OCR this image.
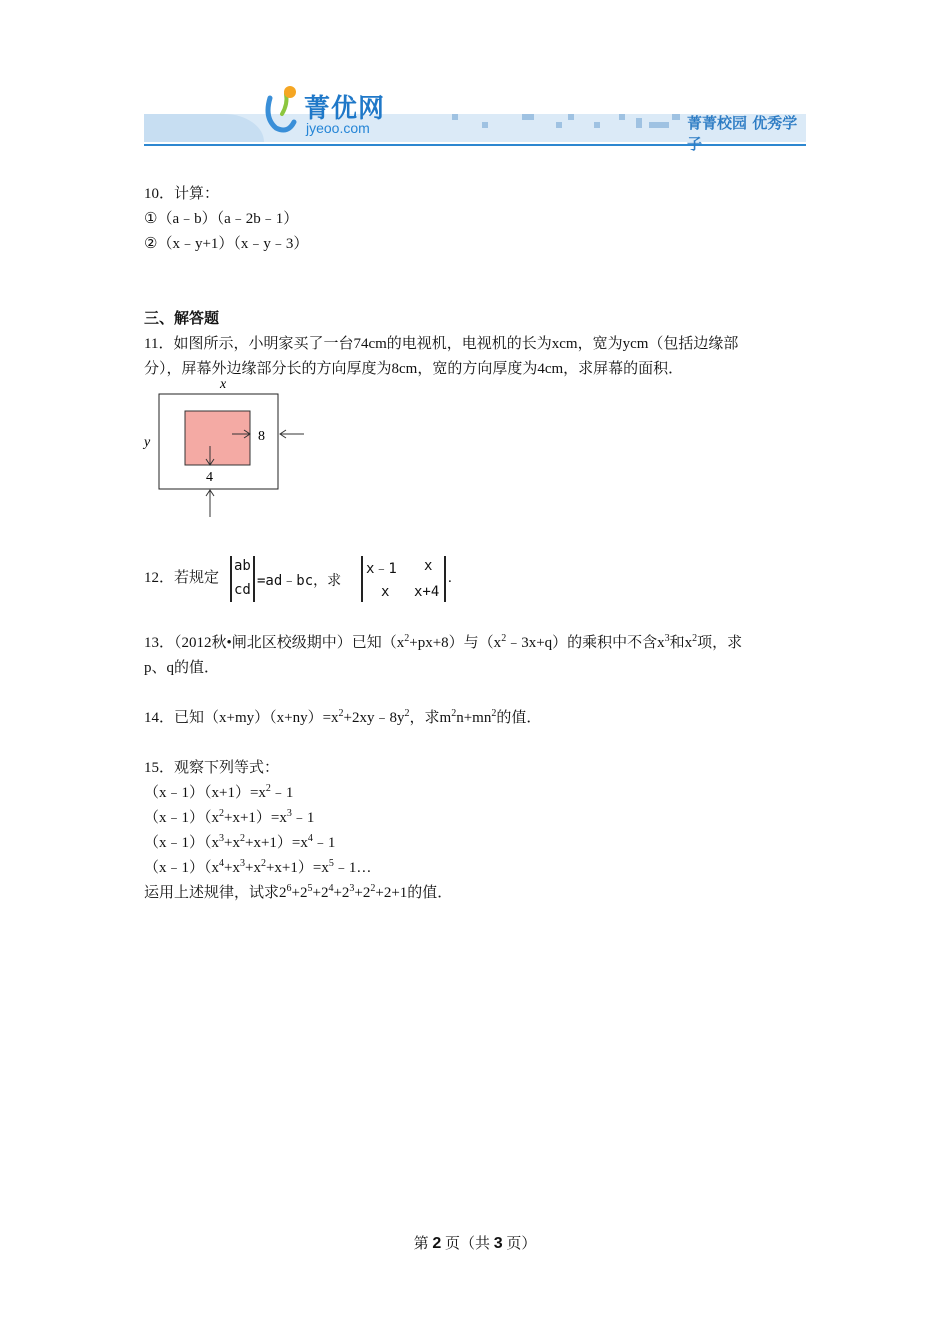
菁优网
jyeoo.com	菁菁校园 优秀学子
10．计算：
①（a﹣b）（a﹣2b﹣1）
②（x﹣y+1）（x﹣y﹣3）
三、解答题
11．如图所示，小明家买了一台74cm的电视机，电视机的长为xcm，宽为ycm（包括边缘部
分），屏幕外边缘部分长的方向厚度为8cm，宽的方向厚度为4cm，求屏幕的面积．
x
y	8
4
12．若规定
ab
cd
=ad﹣bc，求
x﹣1 x
x x+4
.
13．（2012秋•闸北区校级期中）已知$(x^2+px+8)$与$(x^2﹣3x+q)$的乘积中不含$x^3$和$x^2$项，求
p、q的值．
14．已知$(x+my)(x+ny)=x^2+2xy﹣8y^2$，求$m^2n+mn^2$的值．
15．观察下列等式：
$(x﹣1)(x+1)=x^2﹣1$
$(x﹣1)(x^2+x+1)=x^3﹣1$
$(x﹣1)(x^3+x^2+x+1)=x^4﹣1$
$(x﹣1)(x^4+x^3+x^2+x+1)=x^5﹣1\dots$
运用上述规律，试求$2^6+2^5+2^4+2^3+2^2+2+1$的值．
第 2 页（共 3 页）
